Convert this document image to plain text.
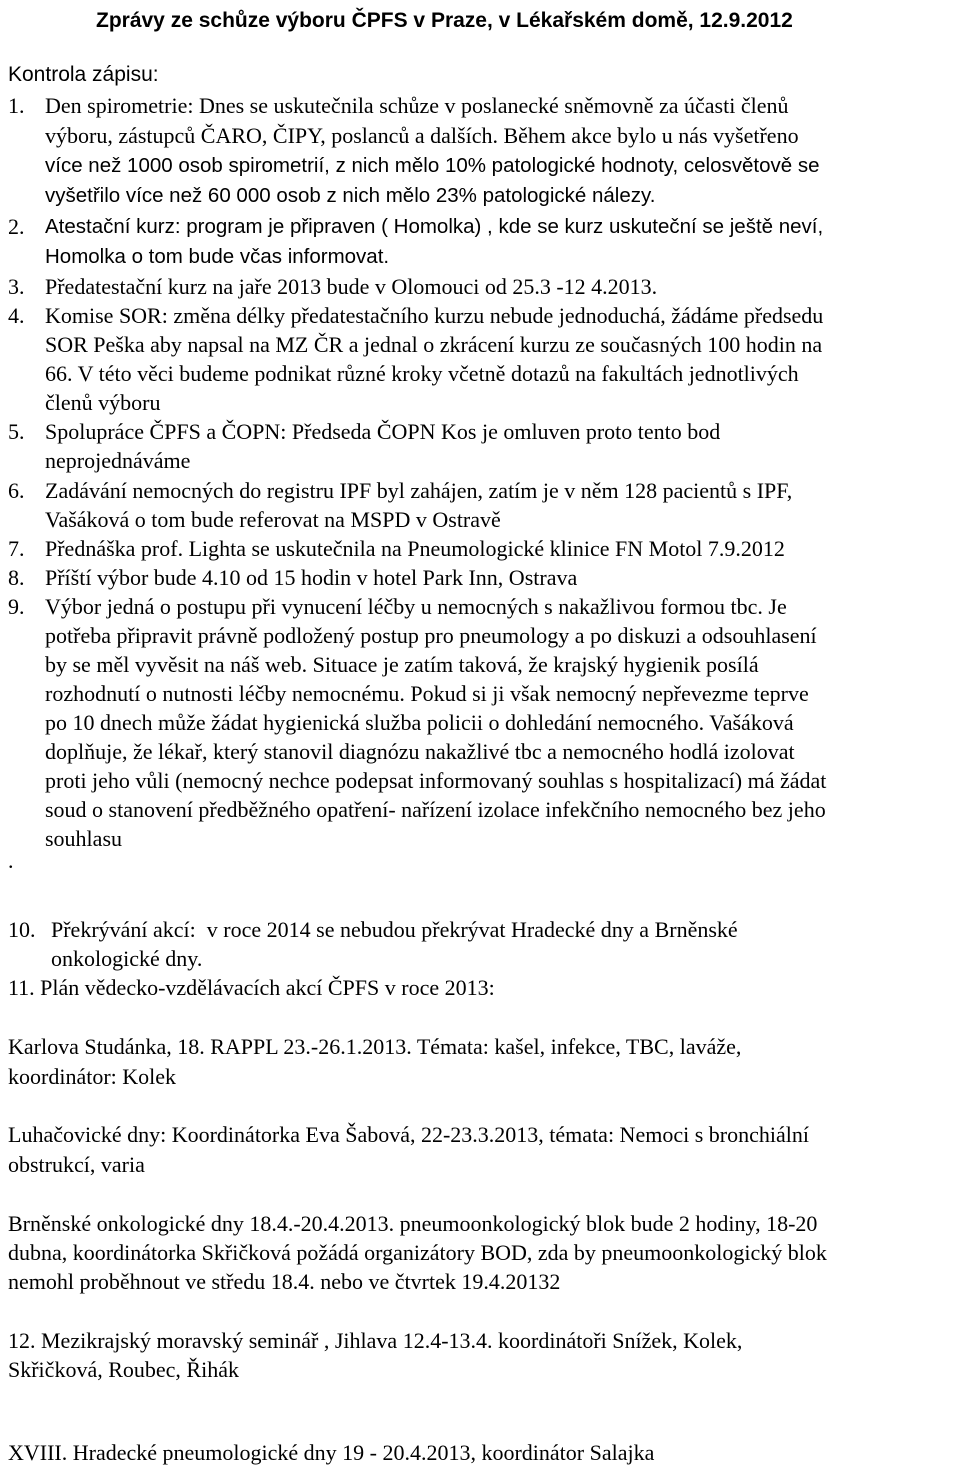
Zprávy ze schůze výboru ČPFS v Praze, v Lékařském domě, 12.9.2012
Kontrola zápisu:
1. Den spirometrie: Dnes se uskutečnila schůze v poslanecké sněmovně za účasti členů
výboru, zástupců ČARO, ČIPY, poslanců a dalších. Během akce bylo u nás vyšetřeno
více než 1000 osob spirometrií, z nich mělo 10% patologické hodnoty, celosvětově se
vyšetřilo více než 60 000 osob z nich mělo 23% patologické nálezy.
2.	Atestační kurz: program je připraven ( Homolka) , kde se kurz uskuteční se ještě neví,
Homolka o tom bude včas informovat.
3. Předatestační kurz na jaře 2013 bude v Olomouci od 25.3 -12 4.2013.
4. Komise SOR: změna délky předatestačního kurzu nebude jednoduchá, žádáme předsedu
SOR Peška aby napsal na MZ ČR a jednal o zkrácení kurzu ze současných 100 hodin na
66. V této věci budeme podnikat různé kroky včetně dotazů na fakultách jednotlivých
členů výboru
5. Spolupráce ČPFS a ČOPN: Předseda ČOPN Kos je omluven proto tento bod
neprojednáváme
6. Zadávání nemocných do registru IPF byl zahájen, zatím je v něm 128 pacientů s IPF,
Vašáková o tom bude referovat na MSPD v Ostravě
7. Přednáška prof. Lighta se uskutečnila na Pneumologické klinice FN Motol 7.9.2012
8. Příští výbor bude 4.10 od 15 hodin v hotel Park Inn, Ostrava
9. Výbor jedná o postupu při vynucení léčby u nemocných s nakažlivou formou tbc. Je
potřeba připravit právně podložený postup pro pneumology a po diskuzi a odsouhlasení
by se měl vyvěsit na náš web. Situace je zatím taková, že krajský hygienik posílá
rozhodnutí o nutnosti léčby nemocnému. Pokud si ji však nemocný nepřevezme teprve
po 10 dnech může žádat hygienická služba policii o dohledání nemocného. Vašáková
doplňuje, že lékař, který stanovil diagnózu nakažlivé tbc a nemocného hodlá izolovat
proti jeho vůli (nemocný nechce podepsat informovaný souhlas s hospitalizací) má žádat
soud o stanovení předběžného opatření- nařízení izolace infekčního nemocného bez jeho
souhlasu
.
10. Překrývání akcí: v roce 2014 se nebudou překrývat Hradecké dny a Brněnské
onkologické dny.
11. Plán vědecko-vzdělávacích akcí ČPFS v roce 2013:
Karlova Studánka, 18. RAPPL 23.-26.1.2013. Témata: kašel, infekce, TBC, laváže,
koordinátor: Kolek
Luhačovické dny: Koordinátorka Eva Šabová, 22-23.3.2013, témata: Nemoci s bronchiální
obstrukcí, varia
Brněnské onkologické dny 18.4.-20.4.2013. pneumoonkologický blok bude 2 hodiny, 18-20
dubna, koordinátorka Skřičková požádá organizátory BOD, zda by pneumoonkologický blok
nemohl proběhnout ve středu 18.4. nebo ve čtvrtek 19.4.20132
12. Mezikrajský moravský seminář , Jihlava 12.4-13.4. koordinátoři Snížek, Kolek,
Skřičková, Roubec, Řihák
XVIII. Hradecké pneumologické dny 19 - 20.4.2013, koordinátor Salajka
